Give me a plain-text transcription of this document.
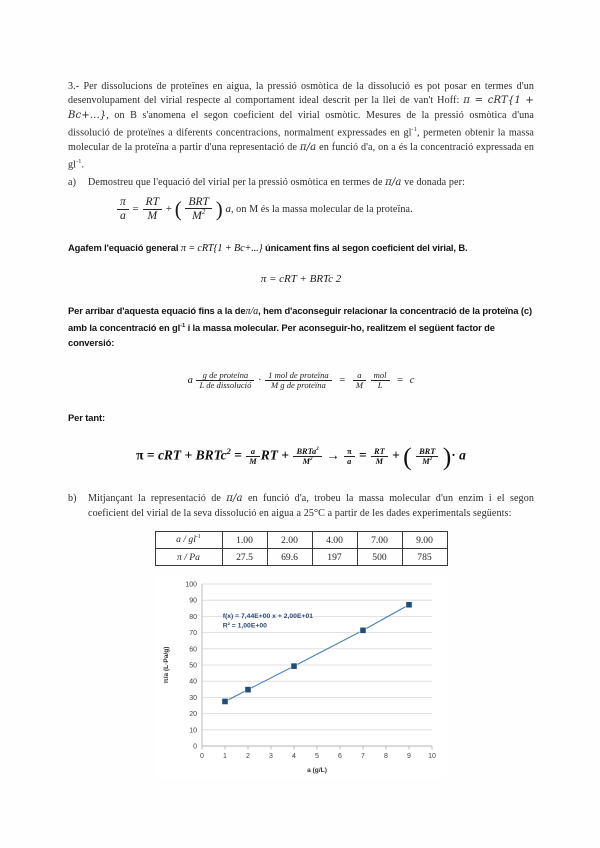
3.- Per dissolucions de proteïnes en aigua, la pressió osmòtica de la dissolució es pot posar en termes d'un desenvolupament del virial respecte al comportament ideal descrit per la llei de van't Hoff: π = cRT{1 + Bc+...}, on B s'anomena el segon coeficient del virial osmòtic. Mesures de la pressió osmòtica d'una dissolució de proteïnes a diferents concentracions, normalment expressades en $gl^{-1}$, permeten obtenir la massa molecular de la proteïna a partir d'una representació de π/a en funció d'a, on a és la concentració expressada en $gl^{-1}$.
a) Demostreu que l'equació del virial per la pressió osmòtica en termes de π/a ve donada per:
$\frac{\pi}{a} = \frac{RT}{M}$ + ( $\frac{\text{BRT}}{M^2}$ ) a, on M és la massa molecular de la proteïna.
Agafem l'equació general π = cRT{1 + Bc+...} únicament fins al segon coeficient del virial, B.
π = cRT + BRTc 2
Per arribar d'aquesta equació fins a la deπ/a, hem d'aconseguir relacionar la concentració de la proteïna (c) amb la concentració en $gl^{-1}$ i la massa molecular. Per aconseguir-ho, realitzem el següent factor de conversió:
a $\frac{\text{g de proteïna}}{\text{L de dissolució}} \cdot \frac{\text{1 mol de proteïna}}{\text{M g de proteïna}} = \frac{a}{M}$
$\frac{\text{mol}}{L} = c$
Per tant:
π = cRT + BRTc$^2$ = $\frac{a}{M}$ RT + $\frac{BRTa^2}{M^2} \to \frac{\pi}{a} = \frac{RT}{M}$ + ( $\frac{\text{BRT}}{M^2}$ )· a
b) Mitjançant la representació de π/a en funció d'a, trobeu la massa molecular d'un enzim i el segon coeficient del virial de la seva dissolució en aigua a 25°C a partir de les dades experimentals següents:
a / $gl^{-1}$	1.00	2.00	4.00	7.00	9.00
π / Pa	27.5	69.6	197	500	785
0
10
20
30
40
50
60
70
80
90
100
0	1	2	3	4	5	6	7	8	9 10
f(x) = 7,44E+00 x + 2,00E+01
R² = 1,00E+00
a (g/L)
π/a (L·Pa/g)
